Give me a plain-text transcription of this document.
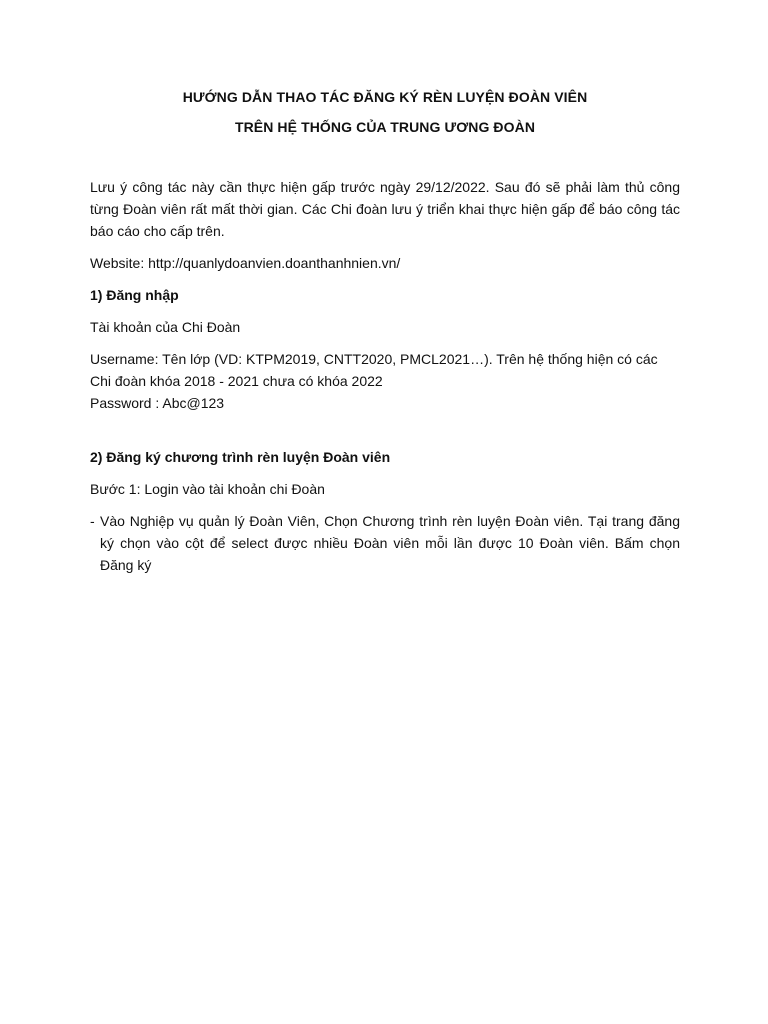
HƯỚNG DẪN THAO TÁC ĐĂNG KÝ RÈN LUYỆN ĐOÀN VIÊN
TRÊN HỆ THỐNG CỦA TRUNG ƯƠNG ĐOÀN

Lưu ý công tác này cần thực hiện gấp trước ngày 29/12/2022. Sau đó sẽ phải làm thủ công từng Đoàn viên rất mất thời gian. Các Chi đoàn lưu ý triển khai thực hiện gấp để báo công tác báo cáo cho cấp trên.

Website: http://quanlydoanvien.doanthanhnien.vn/

1) Đăng nhập

Tài khoản của Chi Đoàn

Username: Tên lớp (VD: KTPM2019, CNTT2020, PMCL2021…). Trên hệ thống hiện có các Chi đoàn khóa 2018 - 2021 chưa có khóa 2022

Password : Abc@123

2) Đăng ký chương trình rèn luyện Đoàn viên

Bước 1: Login vào tài khoản chi Đoàn

- Vào Nghiệp vụ quản lý Đoàn Viên, Chọn Chương trình rèn luyện Đoàn viên. Tại trang đăng ký chọn vào cột để select được nhiều Đoàn viên mỗi lần được 10 Đoàn viên. Bấm chọn Đăng ký
